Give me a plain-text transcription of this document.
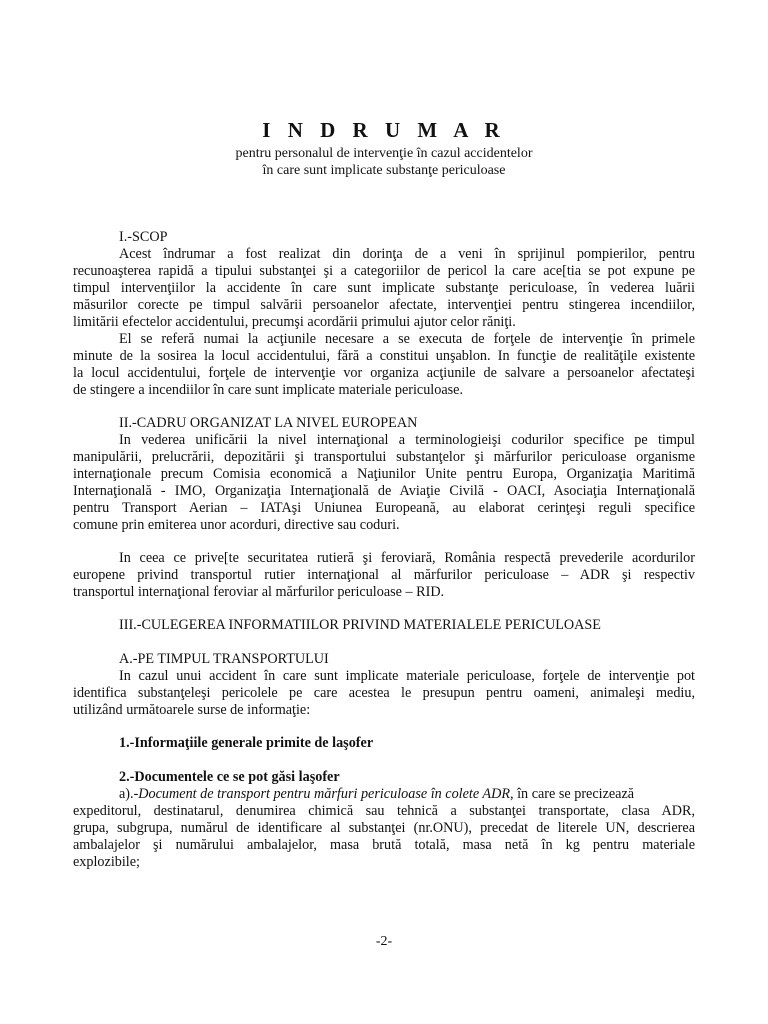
I N D R U M A R
pentru personalul de intervenţie în cazul accidentelor
în care sunt implicate substanţe periculoase
I.-SCOP
Acest îndrumar a fost realizat din dorinţa de a veni în sprijinul pompierilor, pentru
recunoaşterea rapidă a tipului substanţei şi a categoriilor de pericol la care ace[tia se pot expune pe
timpul intervenţiilor la accidente în care sunt implicate substanţe periculoase, în vederea luării
măsurilor corecte pe timpul salvării persoanelor afectate, intervenţiei pentru stingerea incendiilor,
limitării efectelor accidentului, precumşi acordării primului ajutor celor răniţi.
El se referă numai la acţiunile necesare a se executa de forţele de intervenţie în primele
minute de la sosirea la locul accidentului, fără a constitui unşablon. In funcţie de realităţile existente
la locul accidentului, forţele de intervenţie vor organiza acţiunile de salvare a persoanelor afectateşi
de stingere a incendiilor în care sunt implicate materiale periculoase.
II.-CADRU ORGANIZAT LA NIVEL EUROPEAN
In vederea unificării la nivel internaţional a terminologieişi codurilor specifice pe timpul
manipulării, prelucrării, depozitării şi transportului substanţelor şi mărfurilor periculoase organisme
internaţionale precum Comisia economică a Naţiunilor Unite pentru Europa, Organizaţia Maritimă
Internaţională - IMO, Organizaţia Internaţională de Aviaţie Civilă - OACI, Asociaţia Internaţională
pentru Transport Aerian – IATAşi Uniunea Europeană, au elaborat cerinţeşi reguli specifice
comune prin emiterea unor acorduri, directive sau coduri.
In ceea ce prive[te securitatea rutieră şi feroviară, România respectă prevederile acordurilor
europene privind transportul rutier internaţional al mărfurilor periculoase – ADR şi respectiv
transportul internaţional feroviar al mărfurilor periculoase – RID.
III.-CULEGEREA INFORMATIILOR PRIVIND MATERIALELE PERICULOASE
A.-PE TIMPUL TRANSPORTULUI
In cazul unui accident în care sunt implicate materiale periculoase, forţele de intervenţie pot
identifica substanţeleşi pericolele pe care acestea le presupun pentru oameni, animaleşi mediu,
utilizând următoarele surse de informaţie:
1.-Informaţiile generale primite de laşofer
2.-Documentele ce se pot găsi laşofer
a).-Document de transport pentru mărfuri periculoase în colete ADR, în care se precizează
expeditorul, destinatarul, denumirea chimică sau tehnică a substanţei transportate, clasa ADR,
grupa, subgrupa, numărul de identificare al substanţei (nr.ONU), precedat de literele UN, descrierea
ambalajelor şi numărului ambalajelor, masa brută totală, masa netă în kg pentru materiale
explozibile;
-2-
